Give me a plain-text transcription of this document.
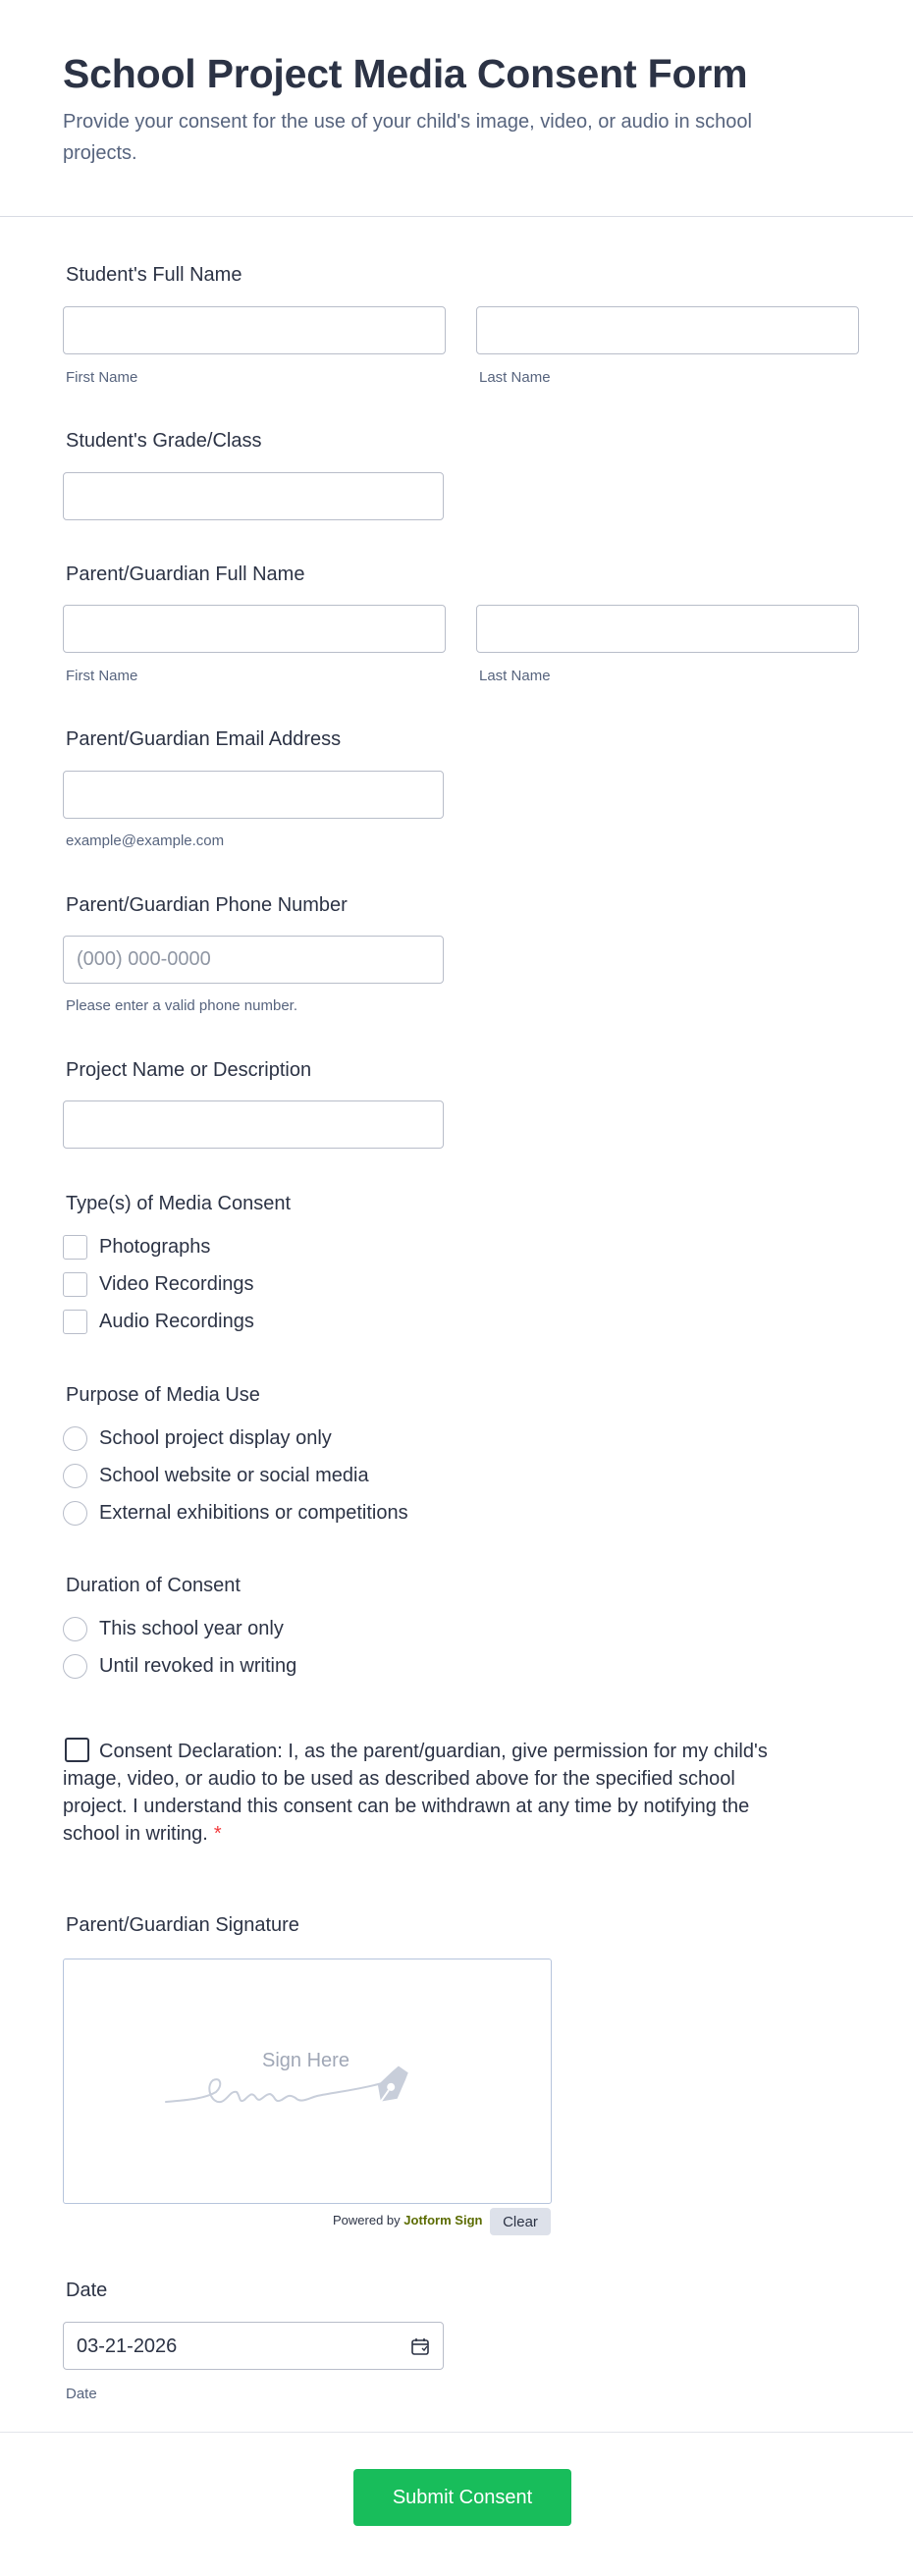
School Project Media Consent Form

Provide your consent for the use of your child's image, video, or audio in school projects.

Student's Full Name
First Name	Last Name
Student's Grade/Class
Parent/Guardian Full Name
First Name	Last Name
Parent/Guardian Email Address
example@example.com
Parent/Guardian Phone Number
(000) 000-0000
Please enter a valid phone number.
Project Name or Description
Type(s) of Media Consent
Photographs
Video Recordings
Audio Recordings
Purpose of Media Use
School project display only
School website or social media
External exhibitions or competitions
Duration of Consent
This school year only
Until revoked in writing
Consent Declaration: I, as the parent/guardian, give permission for my child's image, video, or audio to be used as described above for the specified school project. I understand this consent can be withdrawn at any time by notifying the school in writing. *
Parent/Guardian Signature
Sign Here
Powered by Jotform Sign	Clear
Date
03-21-2026
Date
Submit Consent
